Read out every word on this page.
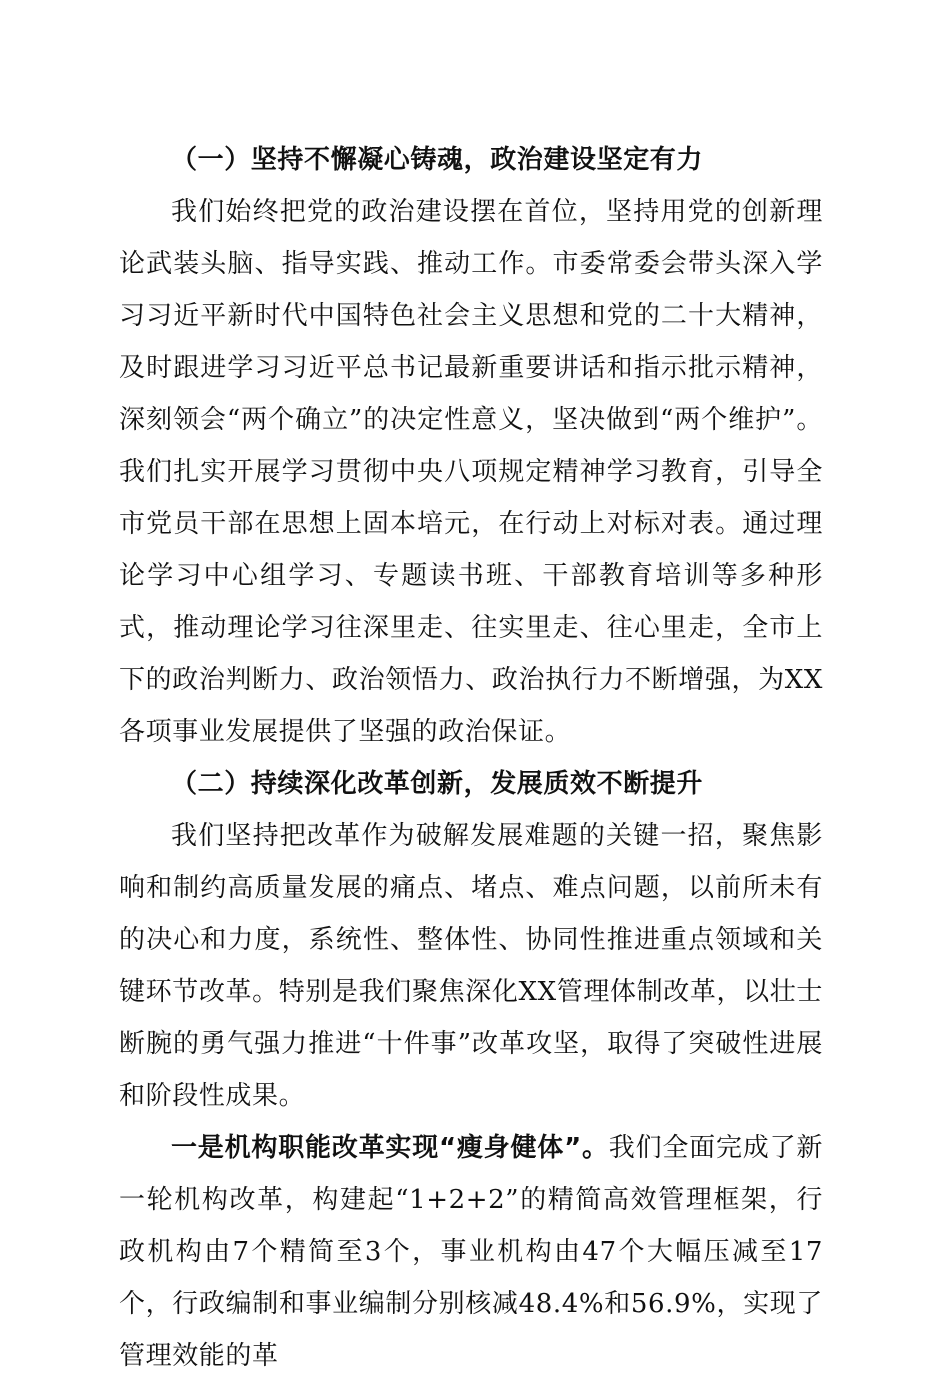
（一）坚持不懈凝心铸魂，政治建设坚定有力

我们始终把党的政治建设摆在首位，坚持用党的创新理论武装头脑、指导实践、推动工作。市委常委会带头深入学习习近平新时代中国特色社会主义思想和党的二十大精神，及时跟进学习习近平总书记最新重要讲话和指示批示精神，深刻领会“两个确立”的决定性意义，坚决做到“两个维护”。我们扎实开展学习贯彻中央八项规定精神学习教育，引导全市党员干部在思想上固本培元，在行动上对标对表。通过理论学习中心组学习、专题读书班、干部教育培训等多种形式，推动理论学习往深里走、往实里走、往心里走，全市上下的政治判断力、政治领悟力、政治执行力不断增强，为XX各项事业发展提供了坚强的政治保证。

（二）持续深化改革创新，发展质效不断提升

我们坚持把改革作为破解发展难题的关键一招，聚焦影响和制约高质量发展的痛点、堵点、难点问题，以前所未有的决心和力度，系统性、整体性、协同性推进重点领域和关键环节改革。特别是我们聚焦深化XX管理体制改革，以壮士断腕的勇气强力推进“十件事”改革攻坚，取得了突破性进展和阶段性成果。

一是机构职能改革实现“瘦身健体”。我们全面完成了新一轮机构改革，构建起“1+2+2”的精简高效管理框架，行政机构由7个精简至3个，事业机构由47个大幅压减至17个，行政编制和事业编制分别核减48.4%和56.9%，实现了管理效能的革
